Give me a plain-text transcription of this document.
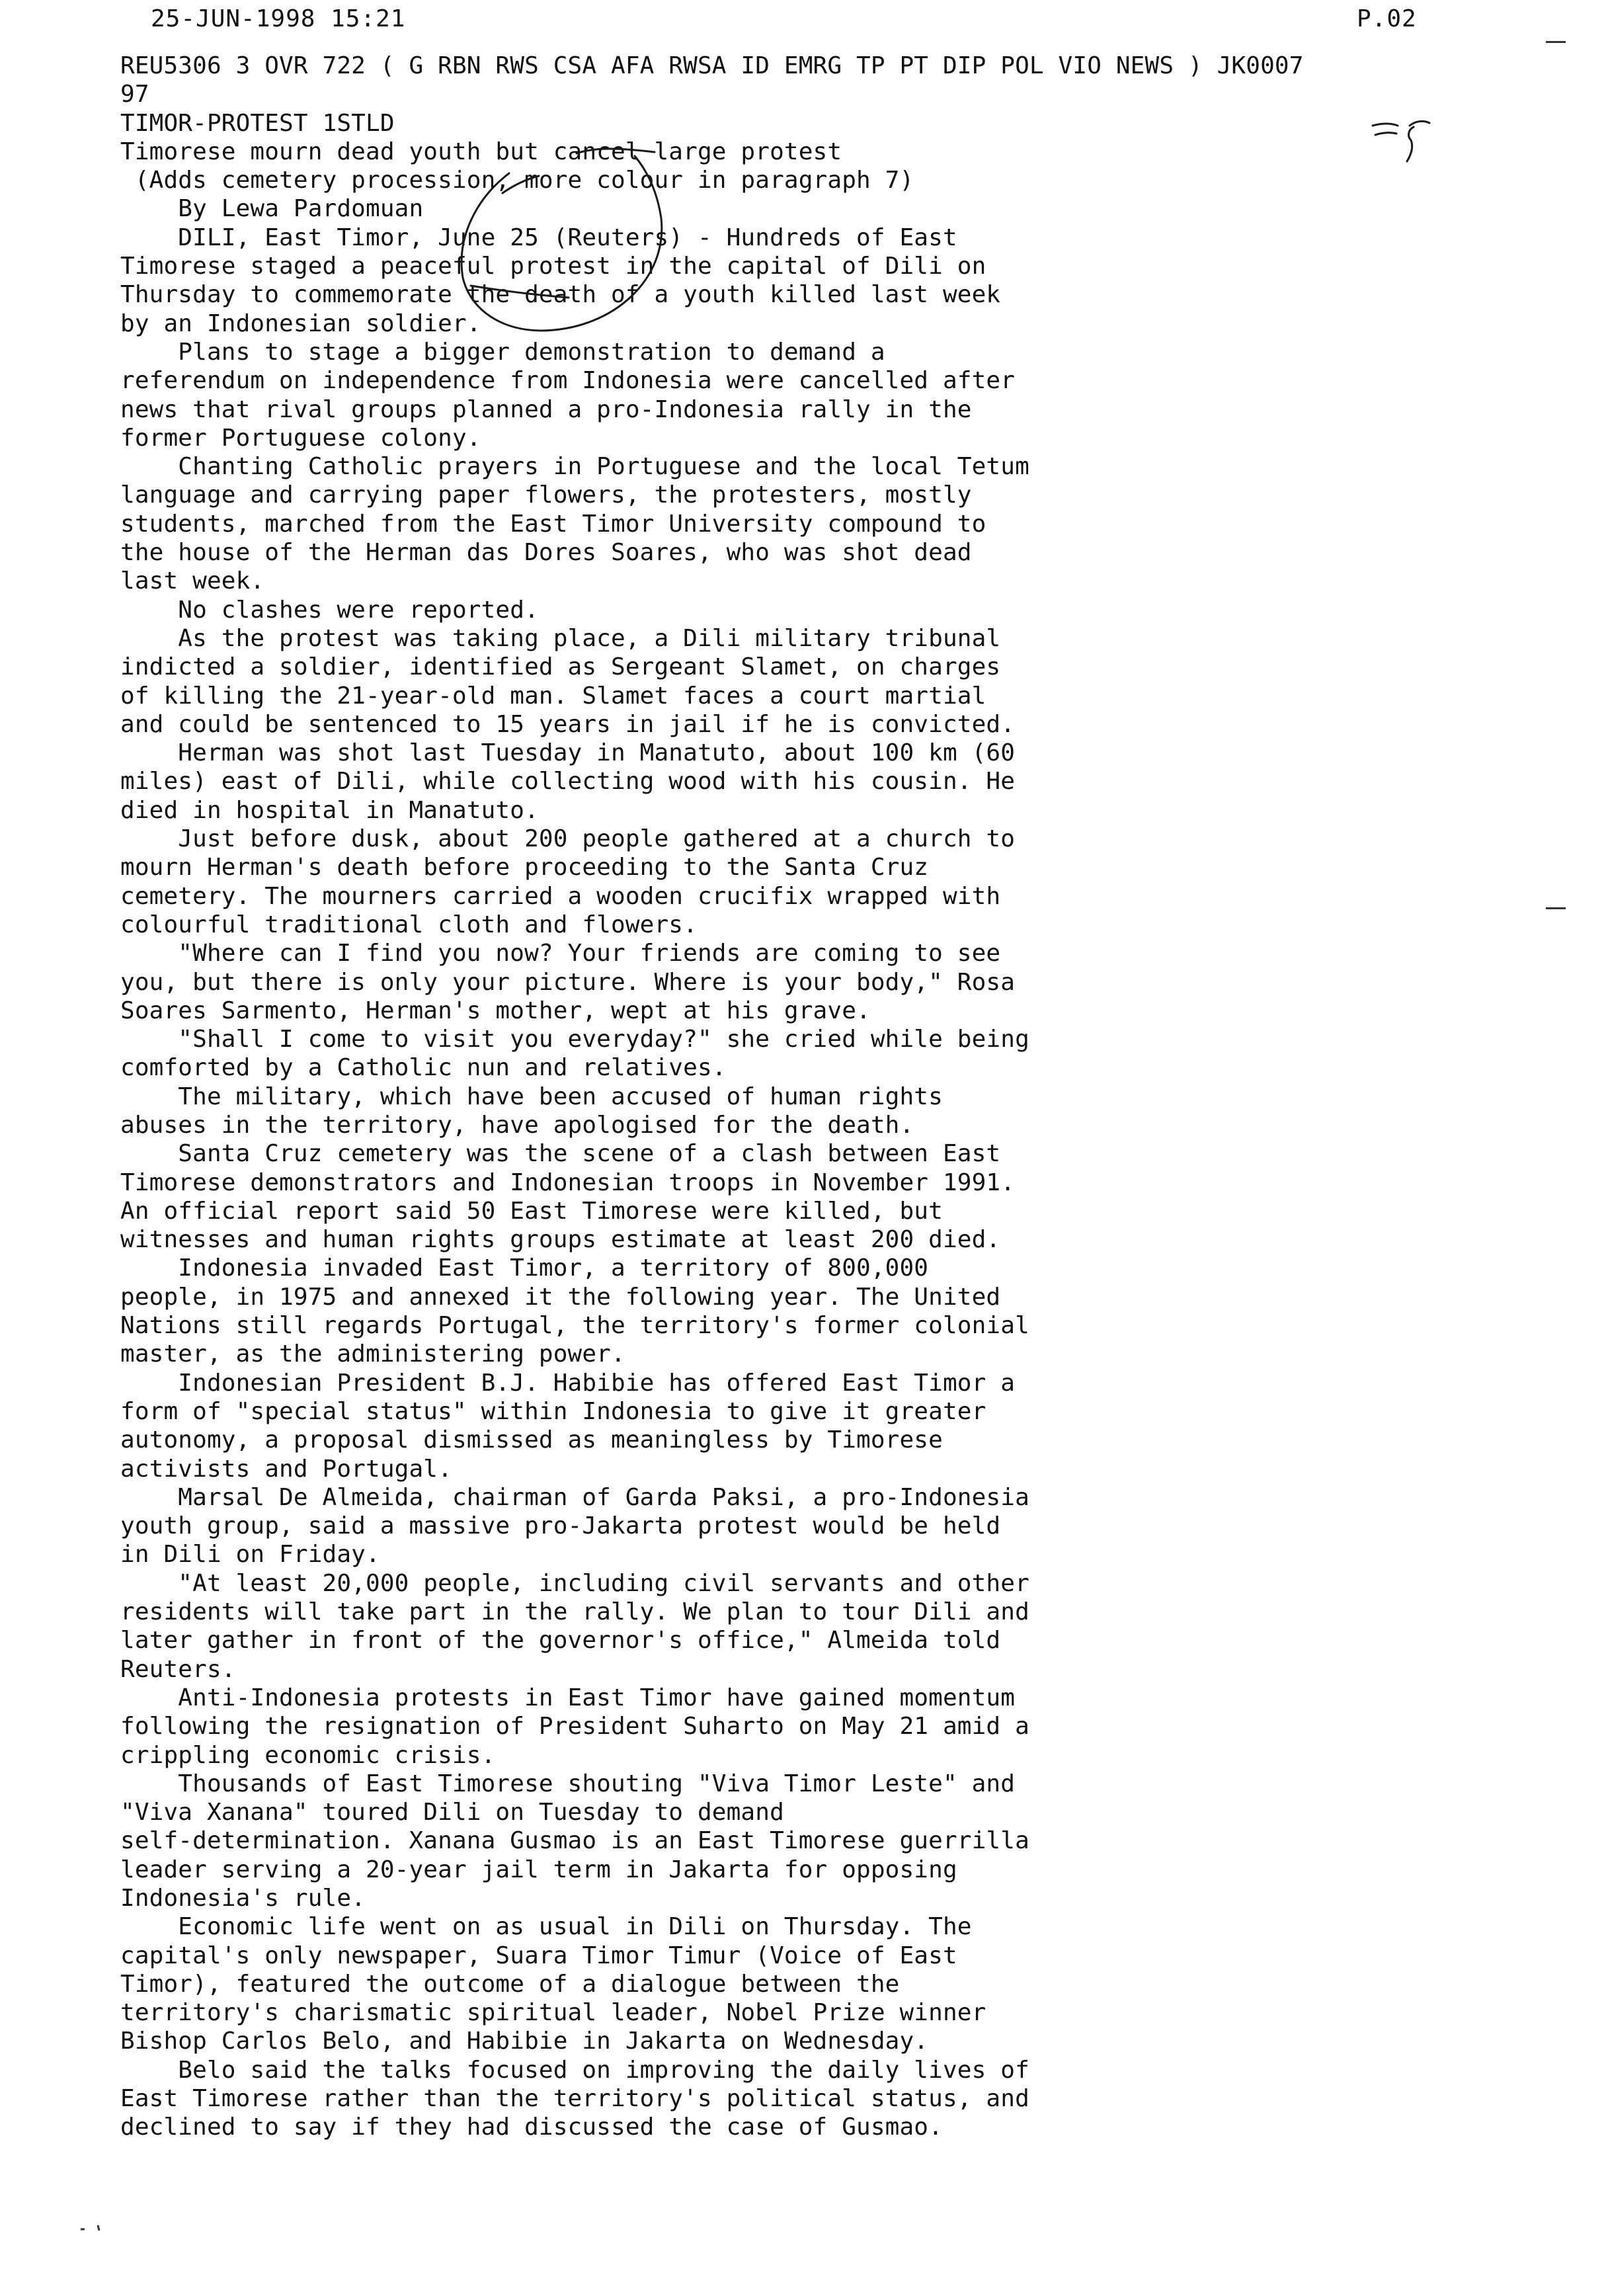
25-JUN-1998 15:21	P.02
REU5306 3 OVR 722 ( G RBN RWS CSA AFA RWSA ID EMRG TP PT DIP POL VIO NEWS ) JK0007
97
TIMOR-PROTEST 1STLD
Timorese mourn dead youth but cancel large protest
(Adds cemetery procession, more colour in paragraph 7)
By Lewa Pardomuan
DILI, East Timor, June 25 (Reuters) - Hundreds of East
Timorese staged a peaceful protest in the capital of Dili on
Thursday to commemorate the death of a youth killed last week
by an Indonesian soldier.
Plans to stage a bigger demonstration to demand a
referendum on independence from Indonesia were cancelled after
news that rival groups planned a pro-Indonesia rally in the
former Portuguese colony.
Chanting Catholic prayers in Portuguese and the local Tetum
language and carrying paper flowers, the protesters, mostly
students, marched from the East Timor University compound to
the house of the Herman das Dores Soares, who was shot dead
last week.
No clashes were reported.
As the protest was taking place, a Dili military tribunal
indicted a soldier, identified as Sergeant Slamet, on charges
of killing the 21-year-old man. Slamet faces a court martial
and could be sentenced to 15 years in jail if he is convicted.
Herman was shot last Tuesday in Manatuto, about 100 km (60
miles) east of Dili, while collecting wood with his cousin. He
died in hospital in Manatuto.
Just before dusk, about 200 people gathered at a church to
mourn Herman's death before proceeding to the Santa Cruz
cemetery. The mourners carried a wooden crucifix wrapped with
colourful traditional cloth and flowers.
"Where can I find you now? Your friends are coming to see
you, but there is only your picture. Where is your body," Rosa
Soares Sarmento, Herman's mother, wept at his grave.
"Shall I come to visit you everyday?" she cried while being
comforted by a Catholic nun and relatives.
The military, which have been accused of human rights
abuses in the territory, have apologised for the death.
Santa Cruz cemetery was the scene of a clash between East
Timorese demonstrators and Indonesian troops in November 1991.
An official report said 50 East Timorese were killed, but
witnesses and human rights groups estimate at least 200 died.
Indonesia invaded East Timor, a territory of 800,000
people, in 1975 and annexed it the following year. The United
Nations still regards Portugal, the territory's former colonial
master, as the administering power.
Indonesian President B.J. Habibie has offered East Timor a
form of "special status" within Indonesia to give it greater
autonomy, a proposal dismissed as meaningless by Timorese
activists and Portugal.
Marsal De Almeida, chairman of Garda Paksi, a pro-Indonesia
youth group, said a massive pro-Jakarta protest would be held
in Dili on Friday.
"At least 20,000 people, including civil servants and other
residents will take part in the rally. We plan to tour Dili and
later gather in front of the governor's office," Almeida told
Reuters.
Anti-Indonesia protests in East Timor have gained momentum
following the resignation of President Suharto on May 21 amid a
crippling economic crisis.
Thousands of East Timorese shouting "Viva Timor Leste" and
"Viva Xanana" toured Dili on Tuesday to demand
self-determination. Xanana Gusmao is an East Timorese guerrilla
leader serving a 20-year jail term in Jakarta for opposing
Indonesia's rule.
Economic life went on as usual in Dili on Thursday. The
capital's only newspaper, Suara Timor Timur (Voice of East
Timor), featured the outcome of a dialogue between the
territory's charismatic spiritual leader, Nobel Prize winner
Bishop Carlos Belo, and Habibie in Jakarta on Wednesday.
Belo said the talks focused on improving the daily lives of
East Timorese rather than the territory's political status, and
declined to say if they had discussed the case of Gusmao.
